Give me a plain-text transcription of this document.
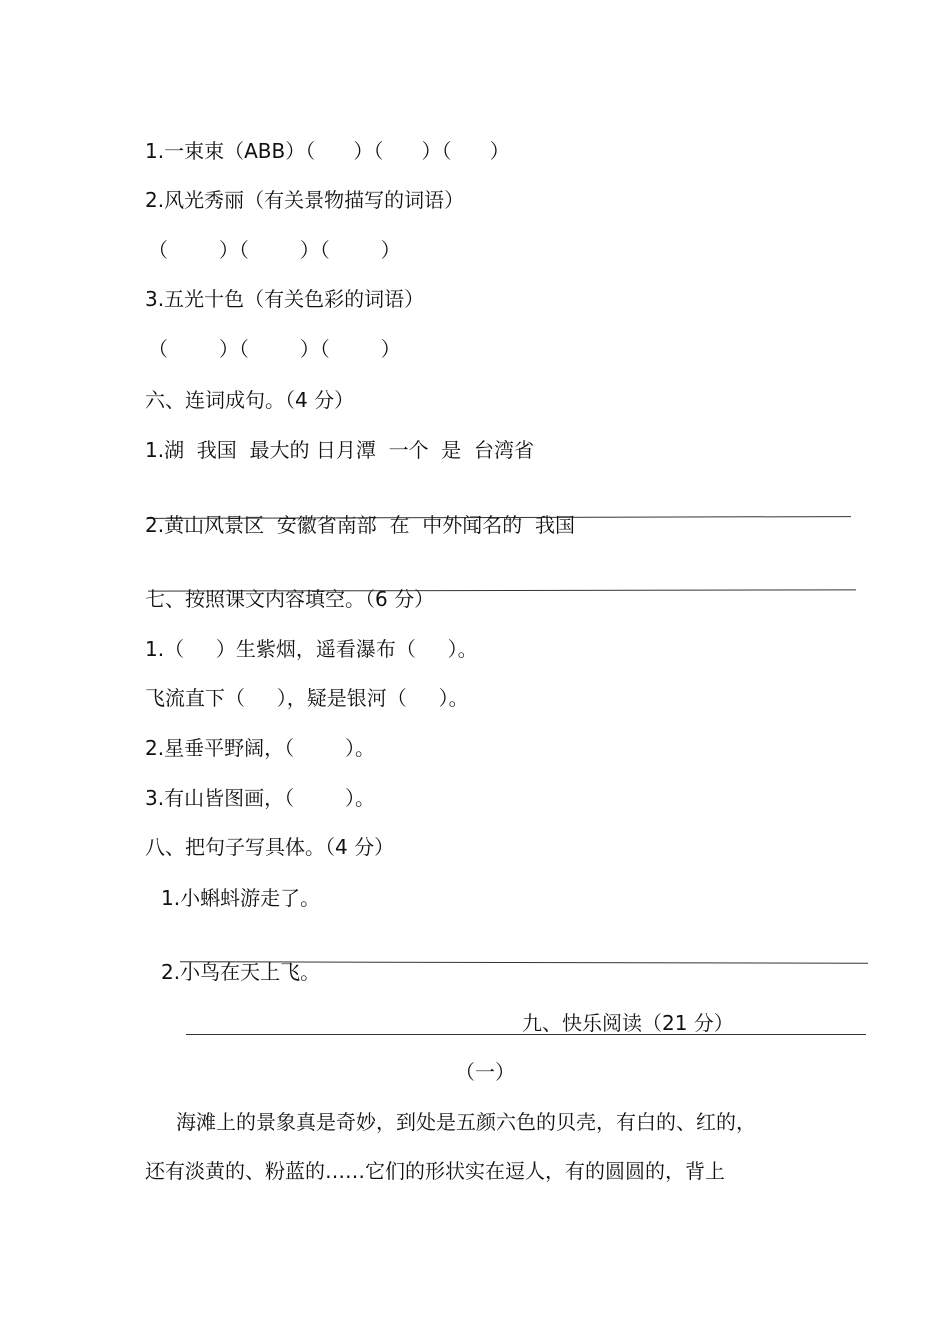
1.一束束（ABB）（      ）（      ）（      ）
2.风光秀丽（有关景物描写的词语）
（        ）（        ）（        ）
3.五光十色（有关色彩的词语）
（        ）（        ）（        ）
六、连词成句。（4 分）
1.湖  我国  最大的 日月潭  一个  是  台湾省
2.黄山风景区  安徽省南部  在  中外闻名的  我国
七、按照课文内容填空。（6 分）
1.（     ）生紫烟，遥看瀑布（     ）。
飞流直下（     ），疑是银河（     ）。
2.星垂平野阔，（        ）。
3.有山皆图画，（        ）。
八、把句子写具体。（4 分）
1.小蝌蚪游走了。
2.小鸟在天上飞。
九、快乐阅读（21 分）
（一）
海滩上的景象真是奇妙，到处是五颜六色的贝壳，有白的、红的，
还有淡黄的、粉蓝的……它们的形状实在逗人，有的圆圆的，背上
